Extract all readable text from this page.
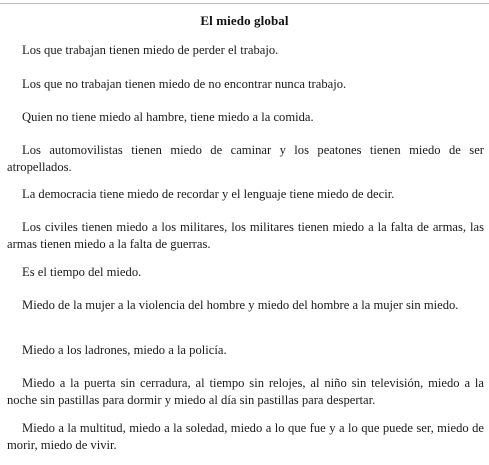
El miedo global

Los que trabajan tienen miedo de perder el trabajo.

Los que no trabajan tienen miedo de no encontrar nunca trabajo.

Quien no tiene miedo al hambre, tiene miedo a la comida.

Los automovilistas tienen miedo de caminar y los peatones tienen miedo de ser atropellados.

La democracia tiene miedo de recordar y el lenguaje tiene miedo de decir.

Los civiles tienen miedo a los militares, los militares tienen miedo a la falta de armas, las armas tienen miedo a la falta de guerras.

Es el tiempo del miedo.

Miedo de la mujer a la violencia del hombre y miedo del hombre a la mujer sin miedo.

Miedo a los ladrones, miedo a la policía.

Miedo a la puerta sin cerradura, al tiempo sin relojes, al niño sin televisión, miedo a la noche sin pastillas para dormir y miedo al día sin pastillas para despertar.

Miedo a la multitud, miedo a la soledad, miedo a lo que fue y a lo que puede ser, miedo de morir, miedo de vivir.
